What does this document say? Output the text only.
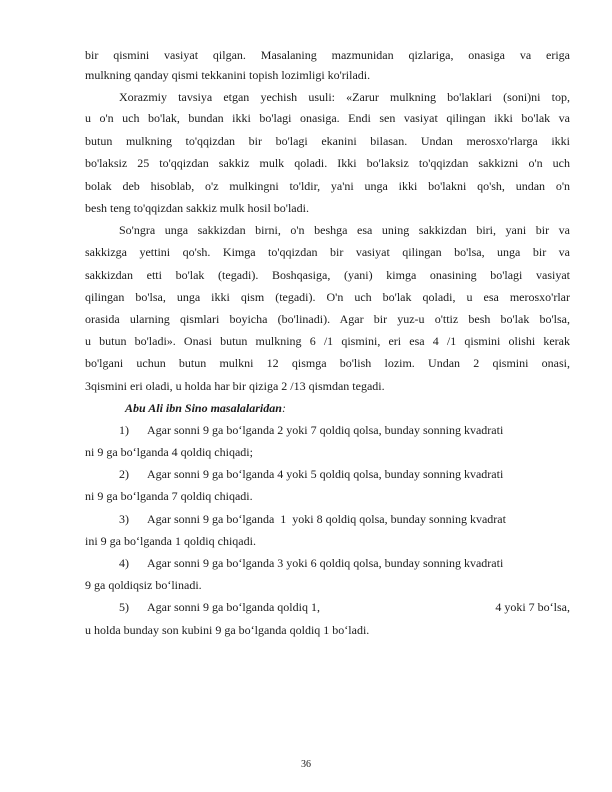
bir qismini vasiyat qilgan. Masalaning mazmunidan qizlariga, onasiga va eriga
mulkning qanday qismi tekkanini topish lozimligi ko'riladi.
Xorazmiy tavsiya etgan yechish usuli: «Zarur mulkning bo'laklari (soni)ni top,
u o'n uch bo'lak, bundan ikki bo'lagi onasiga. Endi sen vasiyat qilingan ikki bo'lak va
butun mulkning to'qqizdan bir bo'lagi ekanini bilasan. Undan merosxo'rlarga ikki
bo'laksiz 25 to'qqizdan sakkiz mulk qoladi. Ikki bo'laksiz to'qqizdan sakkizni o'n uch
bolak deb hisoblab, o'z mulkingni to'ldir, ya'ni unga ikki bo'lakni qo'sh, undan o'n
besh teng to'qqizdan sakkiz mulk hosil bo'ladi.
So'ngra unga sakkizdan birni, o'n beshga esa uning sakkizdan biri, yani bir va
sakkizga yettini qo'sh. Kimga to'qqizdan bir vasiyat qilingan bo'lsa, unga bir va
sakkizdan etti bo'lak (tegadi). Boshqasiga, (yani) kimga onasining bo'lagi vasiyat
qilingan bo'lsa, unga ikki qism (tegadi). O'n uch bo'lak qoladi, u esa merosxo'rlar
orasida ularning qismlari boyicha (bo'linadi). Agar bir yuz-u o'ttiz besh bo'lak bo'lsa,
u butun bo'ladi». Onasi butun mulkning 6 /1 qismini, eri esa 4 /1 qismini olishi kerak
bo'lgani uchun butun mulkni 12 qismga bo'lish lozim. Undan 2 qismini onasi,
3qismini eri oladi, u holda har bir qiziga 2 /13 qismdan tegadi.
Abu Ali ibn Sino masalalaridan:
1) Agar sonni 9 ga bo‘lganda 2 yoki 7 qoldiq qolsa, bunday sonning kvadrati
ni 9 ga bo‘lganda 4 qoldiq chiqadi;
2) Agar sonni 9 ga bo‘lganda 4 yoki 5 qoldiq qolsa, bunday sonning kvadrati
ni 9 ga bo‘lganda 7 qoldiq chiqadi.
3) Agar sonni 9 ga bo‘lganda  1  yoki 8 qoldiq qolsa, bunday sonning kvadrat
ini 9 ga bo‘lganda 1 qoldiq chiqadi.
4) Agar sonni 9 ga bo‘lganda 3 yoki 6 qoldiq qolsa, bunday sonning kvadrati
9 ga qoldiqsiz bo‘linadi.
5) Agar sonni 9 ga bo‘lganda qoldiq 1,	4 yoki 7 bo‘lsa,
u holda bunday son kubini 9 ga bo‘lganda qoldiq 1 bo‘ladi.
36
